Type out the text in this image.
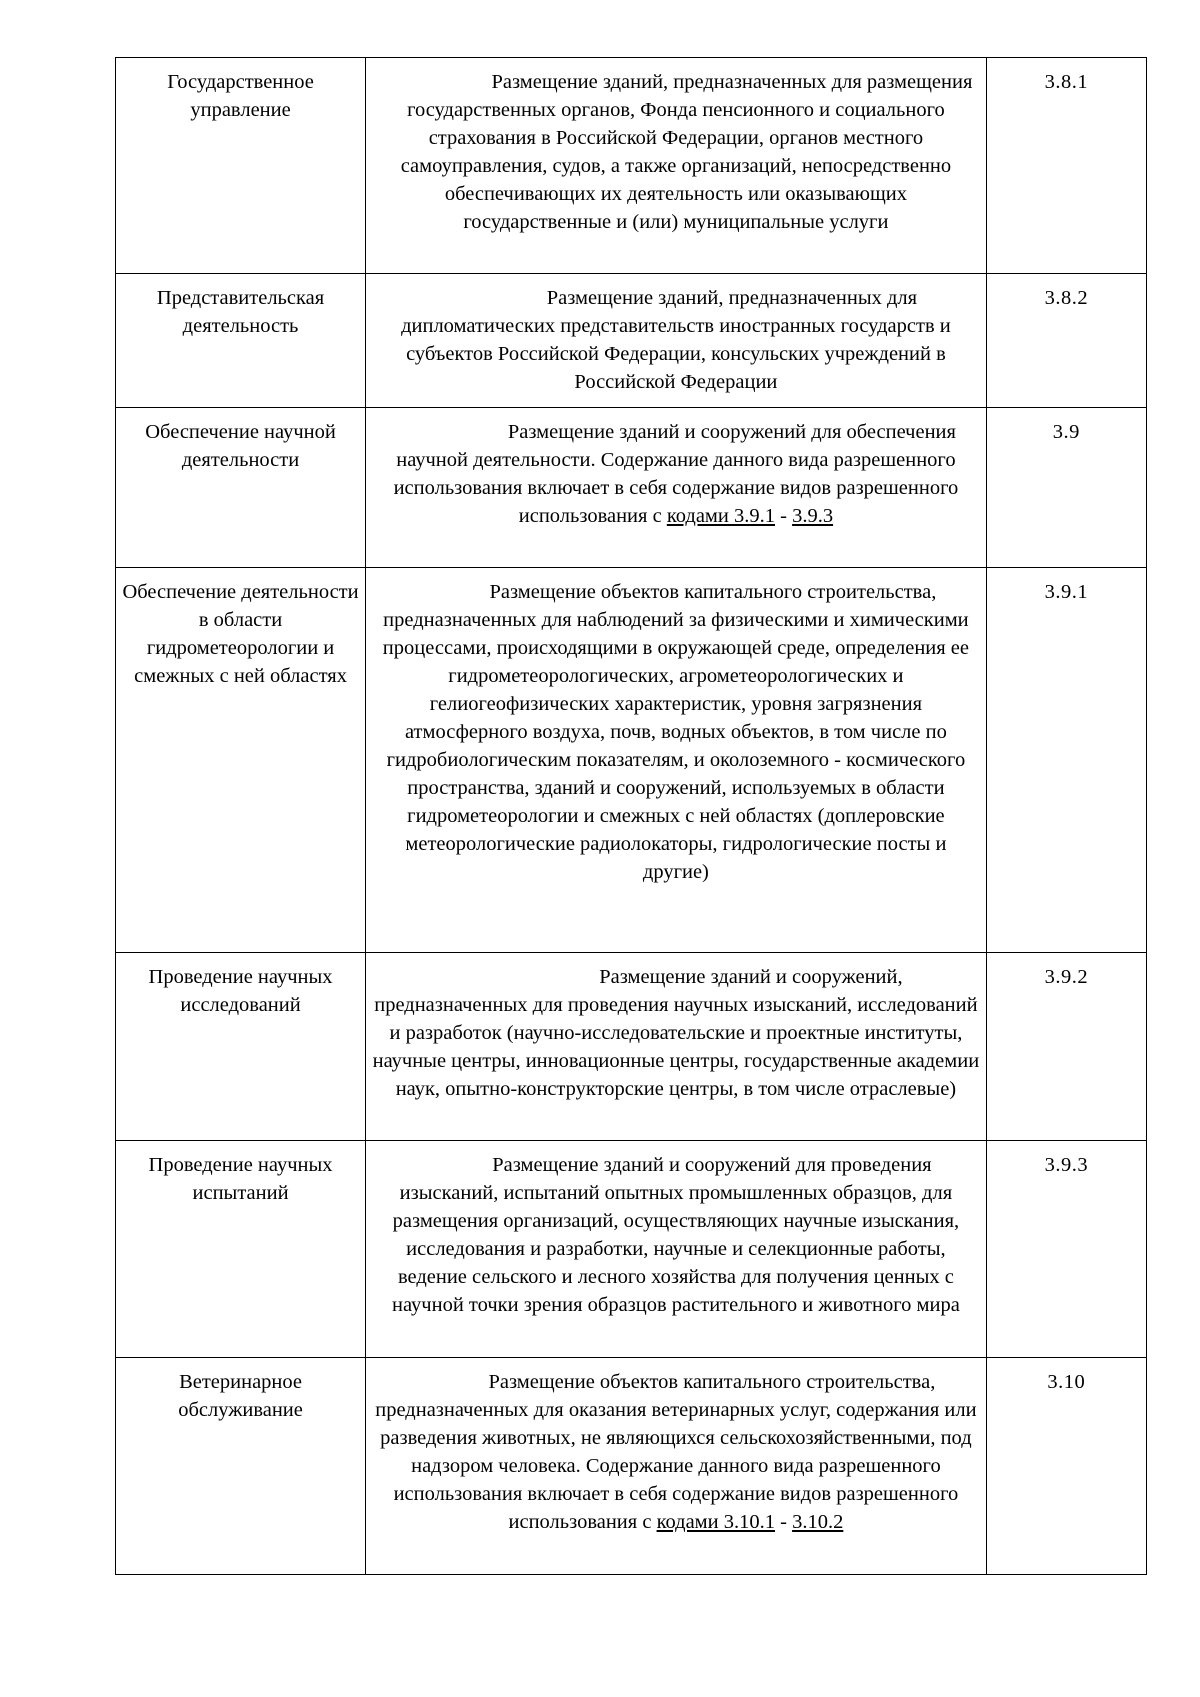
Государственное управление	Размещение зданий, предназначенных для размещения государственных органов, Фонда пенсионного и социального страхования в Российской Федерации, органов местного самоуправления, судов, а также организаций, непосредственно обеспечивающих их деятельность или оказывающих государственные и (или) муниципальные услуги	3.8.1
Представительская деятельность	Размещение зданий, предназначенных для дипломатических представительств иностранных государств и субъектов Российской Федерации, консульских учреждений в Российской Федерации	3.8.2
Обеспечение научной деятельности	Размещение зданий и сооружений для обеспечения научной деятельности. Содержание данного вида разрешенного использования включает в себя содержание видов разрешенного использования с кодами 3.9.1 - 3.9.3	3.9
Обеспечение деятельности в области гидрометеорологии и смежных с ней областях	Размещение объектов капитального строительства, предназначенных для наблюдений за физическими и химическими процессами, происходящими в окружающей среде, определения ее гидрометеорологических, агрометеорологических и гелиогеофизических характеристик, уровня загрязнения атмосферного воздуха, почв, водных объектов, в том числе по гидробиологическим показателям, и околоземного - космического пространства, зданий и сооружений, используемых в области гидрометеорологии и смежных с ней областях (доплеровские метеорологические радиолокаторы, гидрологические посты и другие)	3.9.1
Проведение научных исследований	Размещение зданий и сооружений, предназначенных для проведения научных изысканий, исследований и разработок (научно-исследовательские и проектные институты, научные центры, инновационные центры, государственные академии наук, опытно-конструкторские центры, в том числе отраслевые)	3.9.2
Проведение научных испытаний	Размещение зданий и сооружений для проведения изысканий, испытаний опытных промышленных образцов, для размещения организаций, осуществляющих научные изыскания, исследования и разработки, научные и селекционные работы, ведение сельского и лесного хозяйства для получения ценных с научной точки зрения образцов растительного и животного мира	3.9.3
Ветеринарное обслуживание	Размещение объектов капитального строительства, предназначенных для оказания ветеринарных услуг, содержания или разведения животных, не являющихся сельскохозяйственными, под надзором человека. Содержание данного вида разрешенного использования включает в себя содержание видов разрешенного использования с кодами 3.10.1 - 3.10.2	3.10
